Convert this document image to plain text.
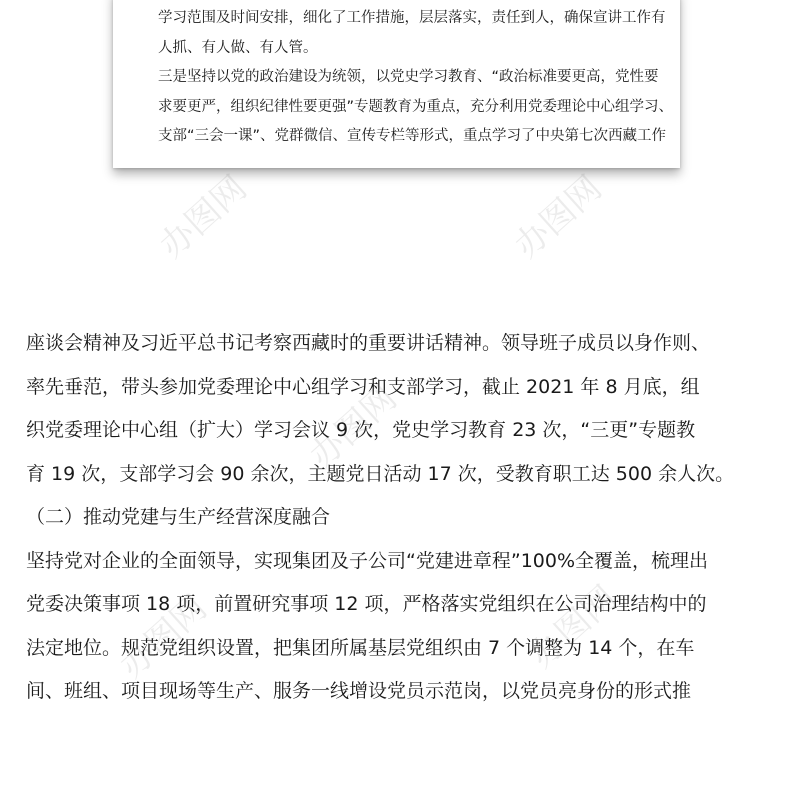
办图网	办图网
办图网
办图网
办图网

学习范围及时间安排，细化了工作措施，层层落实，责任到人，确保宣讲工作有

人抓、有人做、有人管。

三是坚持以党的政治建设为统领，以党史学习教育、“政治标准要更高，党性要

求要更严，组织纪律性要更强”专题教育为重点，充分利用党委理论中心组学习、

支部“三会一课”、党群微信、宣传专栏等形式，重点学习了中央第七次西藏工作

座谈会精神及习近平总书记考察西藏时的重要讲话精神。领导班子成员以身作则、

率先垂范，带头参加党委理论中心组学习和支部学习，截止 2021 年 8 月底，组

织党委理论中心组（扩大）学习会议 9 次，党史学习教育 23 次，“三更”专题教

育 19 次，支部学习会 90 余次，主题党日活动 17 次，受教育职工达 500 余人次。

（二）推动党建与生产经营深度融合

坚持党对企业的全面领导，实现集团及子公司“党建进章程”100%全覆盖，梳理出

党委决策事项 18 项，前置研究事项 12 项，严格落实党组织在公司治理结构中的

法定地位。规范党组织设置，把集团所属基层党组织由 7 个调整为 14 个，在车

间、班组、项目现场等生产、服务一线增设党员示范岗，以党员亮身份的形式推
